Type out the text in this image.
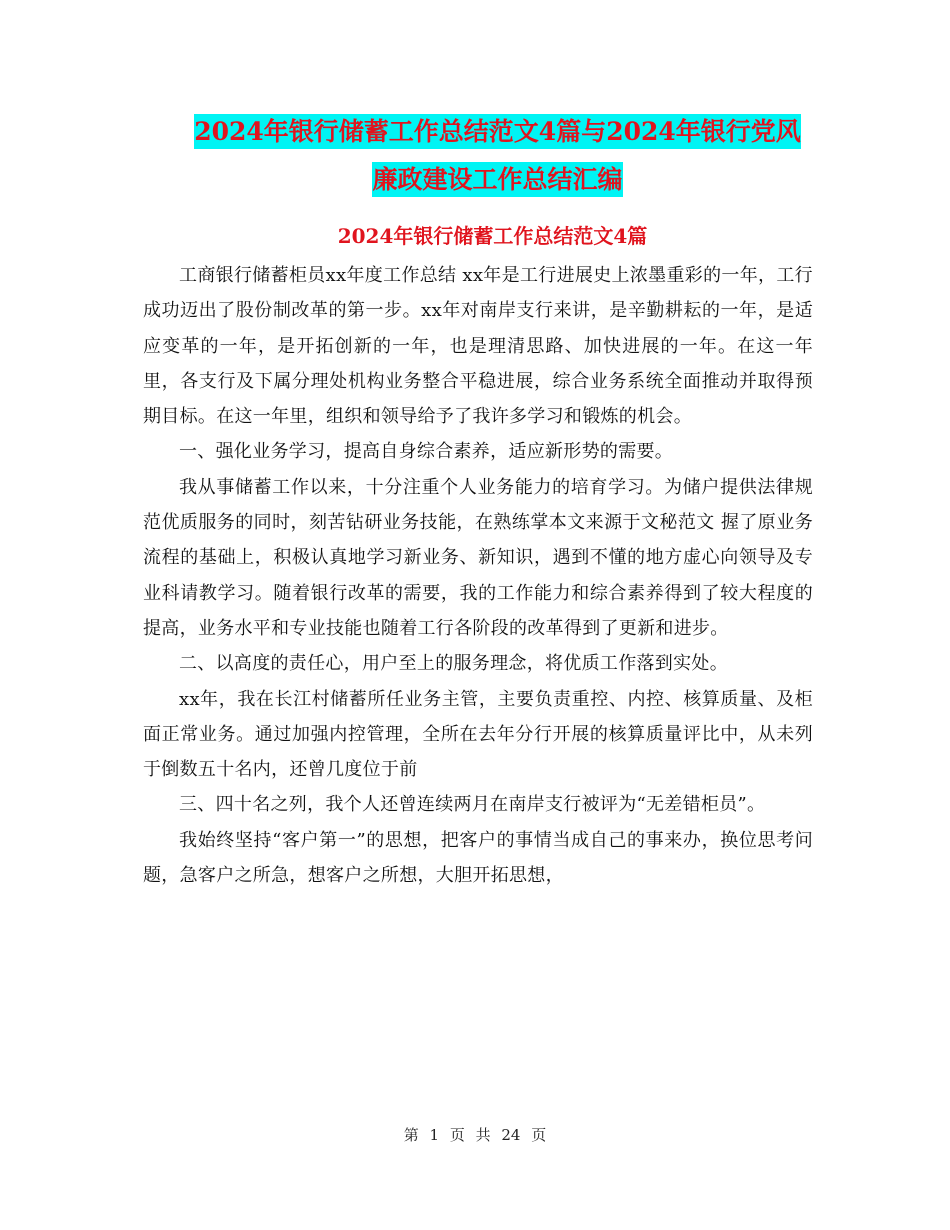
2024年银行储蓄工作总结范文4篇与2024年银行党风
廉政建设工作总结汇编
2024年银行储蓄工作总结范文4篇

工商银行储蓄柜员xx年度工作总结 xx年是工行进展史上浓墨重彩的一年，工行成功迈出了股份制改革的第一步。xx年对南岸支行来讲，是辛勤耕耘的一年，是适应变革的一年，是开拓创新的一年，也是理清思路、加快进展的一年。在这一年里，各支行及下属分理处机构业务整合平稳进展，综合业务系统全面推动并取得预期目标。在这一年里，组织和领导给予了我许多学习和锻炼的机会。

一、强化业务学习，提高自身综合素养，适应新形势的需要。

我从事储蓄工作以来，十分注重个人业务能力的培育学习。为储户提供法律规范优质服务的同时，刻苦钻研业务技能，在熟练掌本文来源于文秘范文 握了原业务流程的基础上，积极认真地学习新业务、新知识，遇到不懂的地方虚心向领导及专业科请教学习。随着银行改革的需要，我的工作能力和综合素养得到了较大程度的提高，业务水平和专业技能也随着工行各阶段的改革得到了更新和进步。

二、以高度的责任心，用户至上的服务理念，将优质工作落到实处。

xx年，我在长江村储蓄所任业务主管，主要负责重控、内控、核算质量、及柜面正常业务。通过加强内控管理，全所在去年分行开展的核算质量评比中，从未列于倒数五十名内，还曾几度位于前

三、四十名之列，我个人还曾连续两月在南岸支行被评为“无差错柜员”。

我始终坚持“客户第一”的思想，把客户的事情当成自己的事来办，换位思考问题，急客户之所急，想客户之所想，大胆开拓思想，

第 1 页 共 24 页
